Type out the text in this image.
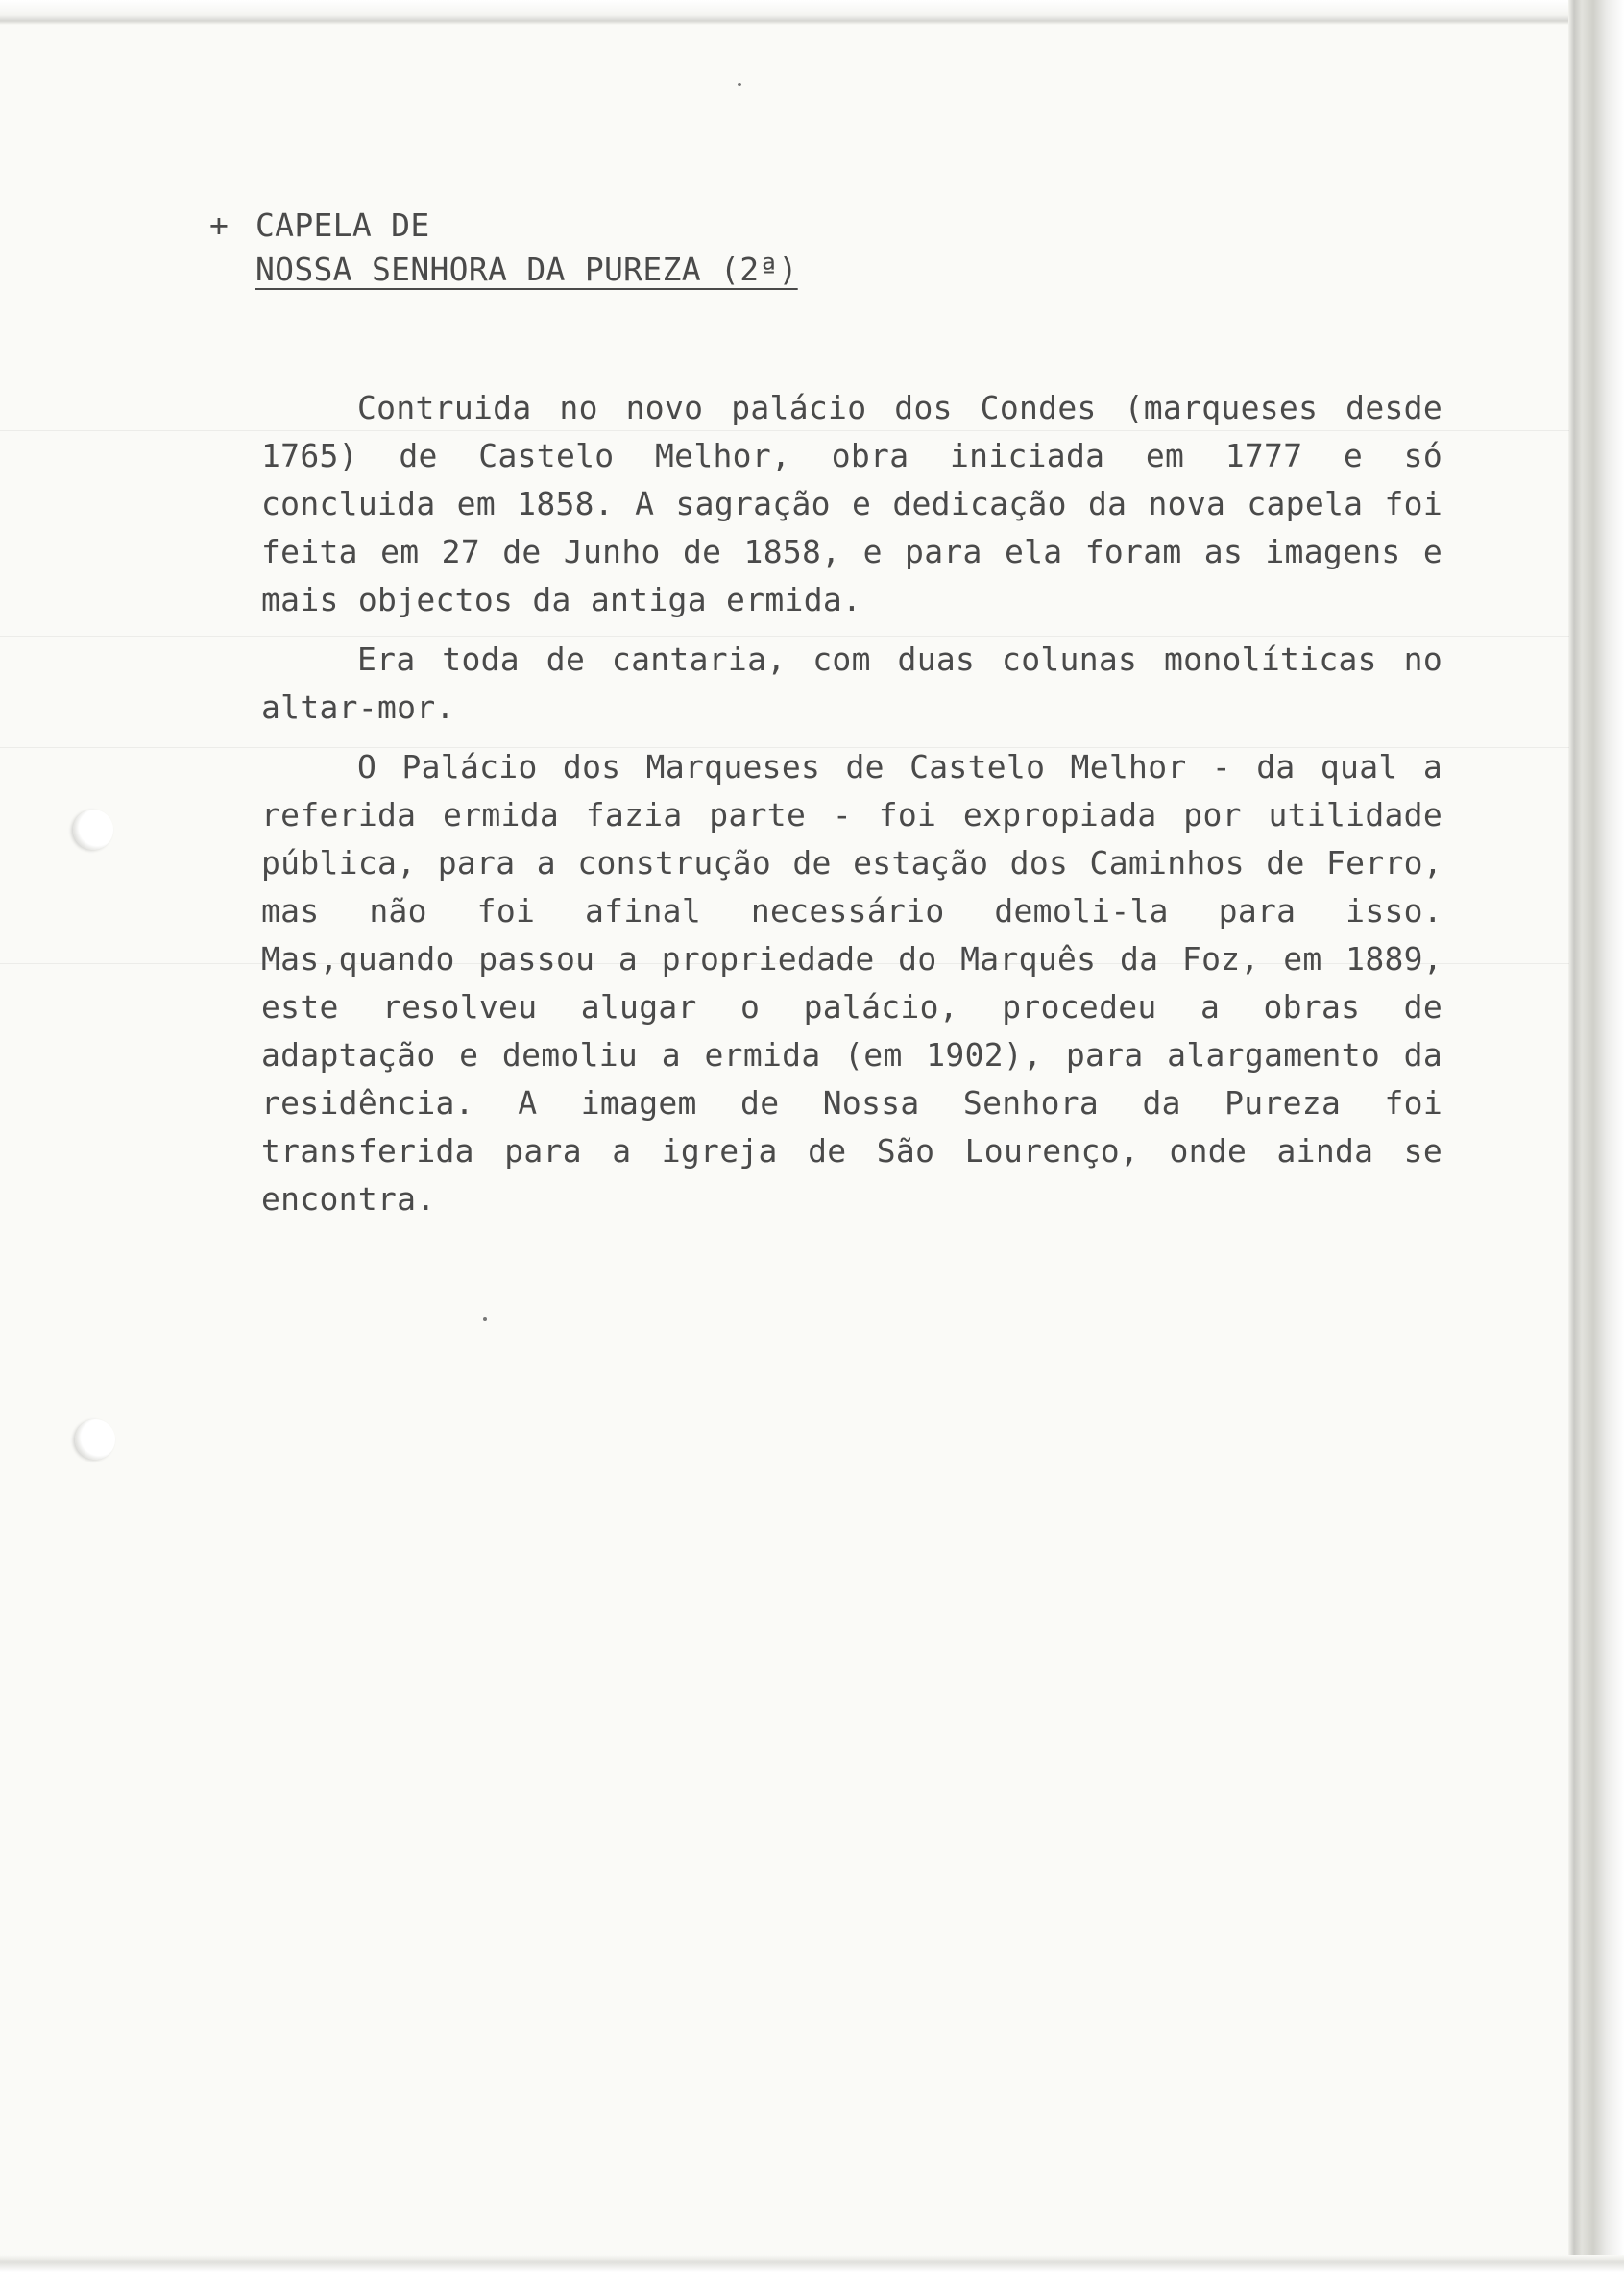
+ CAPELA DE
NOSSA SENHORA DA PUREZA (2ª)

Contruida no novo palácio dos Condes (marqueses desde 1765) de Castelo Melhor, obra iniciada em 1777 e só concluida em 1858. A sagração e dedicação da nova capela foi feita em 27 de Junho de 1858, e para ela foram as imagens e mais objectos da antiga ermida.

Era toda de cantaria, com duas colunas monolíticas no altar-mor.

O Palácio dos Marqueses de Castelo Melhor - da qual a referida ermida fazia parte - foi expropiada por utilidade pública, para a construção de estação dos Caminhos de Ferro, mas não foi afinal necessário demoli-la para isso. Mas,quando passou a propriedade do Marquês da Foz, em 1889, este resolveu alugar o palácio, procedeu a obras de adaptação e demoliu a ermida (em 1902), para alargamento da residência. A imagem de Nossa Senhora da Pureza foi transferida para a igreja de São Lourenço, onde ainda se encontra.
